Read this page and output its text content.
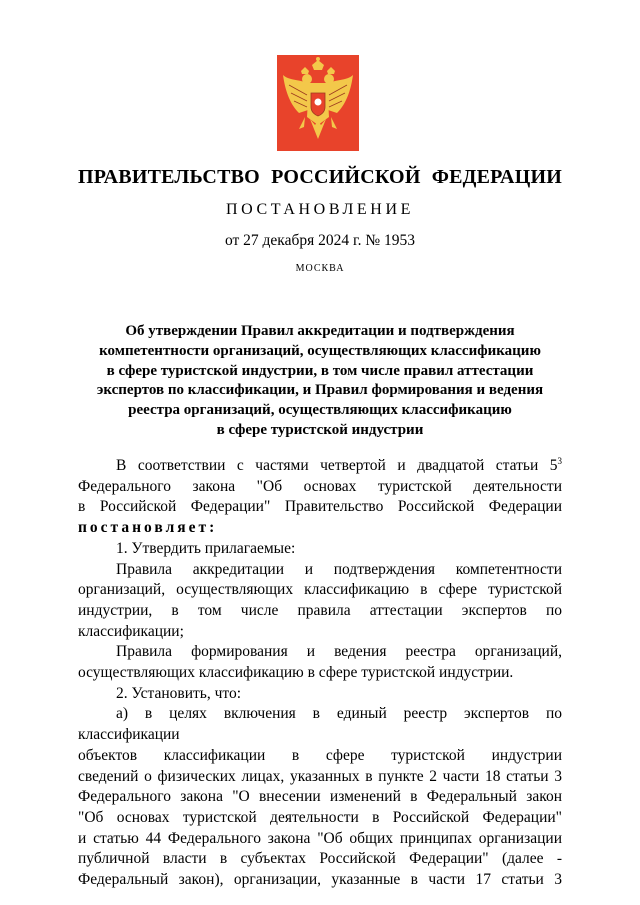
ПРАВИТЕЛЬСТВО РОССИЙСКОЙ ФЕДЕРАЦИИ
ПОСТАНОВЛЕНИЕ
от 27 декабря 2024 г. № 1953
МОСКВА
Об утверждении Правил аккредитации и подтверждения
компетентности организаций, осуществляющих классификацию
в сфере туристской индустрии, в том числе правил аттестации
экспертов по классификации, и Правил формирования и ведения
реестра организаций, осуществляющих классификацию
в сфере туристской индустрии

В соответствии с частями четвертой и двадцатой статьи $5^3$

Федерального закона "Об основах туристской деятельности

в Российской Федерации" Правительство Российской Федерации

постановляет:

1. Утвердить прилагаемые:

Правила аккредитации и подтверждения компетентности

организаций, осуществляющих классификацию в сфере туристской

индустрии, в том числе правила аттестации экспертов по классификации;

Правила формирования и ведения реестра организаций,

осуществляющих классификацию в сфере туристской индустрии.

2. Установить, что:

а) в целях включения в единый реестр экспертов по классификации

объектов классификации в сфере туристской индустрии

сведений о физических лицах, указанных в пункте 2 части 18 статьи 3

Федерального закона "О внесении изменений в Федеральный закон

"Об основах туристской деятельности в Российской Федерации"

и статью 44 Федерального закона "Об общих принципах организации

публичной власти в субъектах Российской Федерации" (далее -

Федеральный закон), организации, указанные в части 17 статьи 3
